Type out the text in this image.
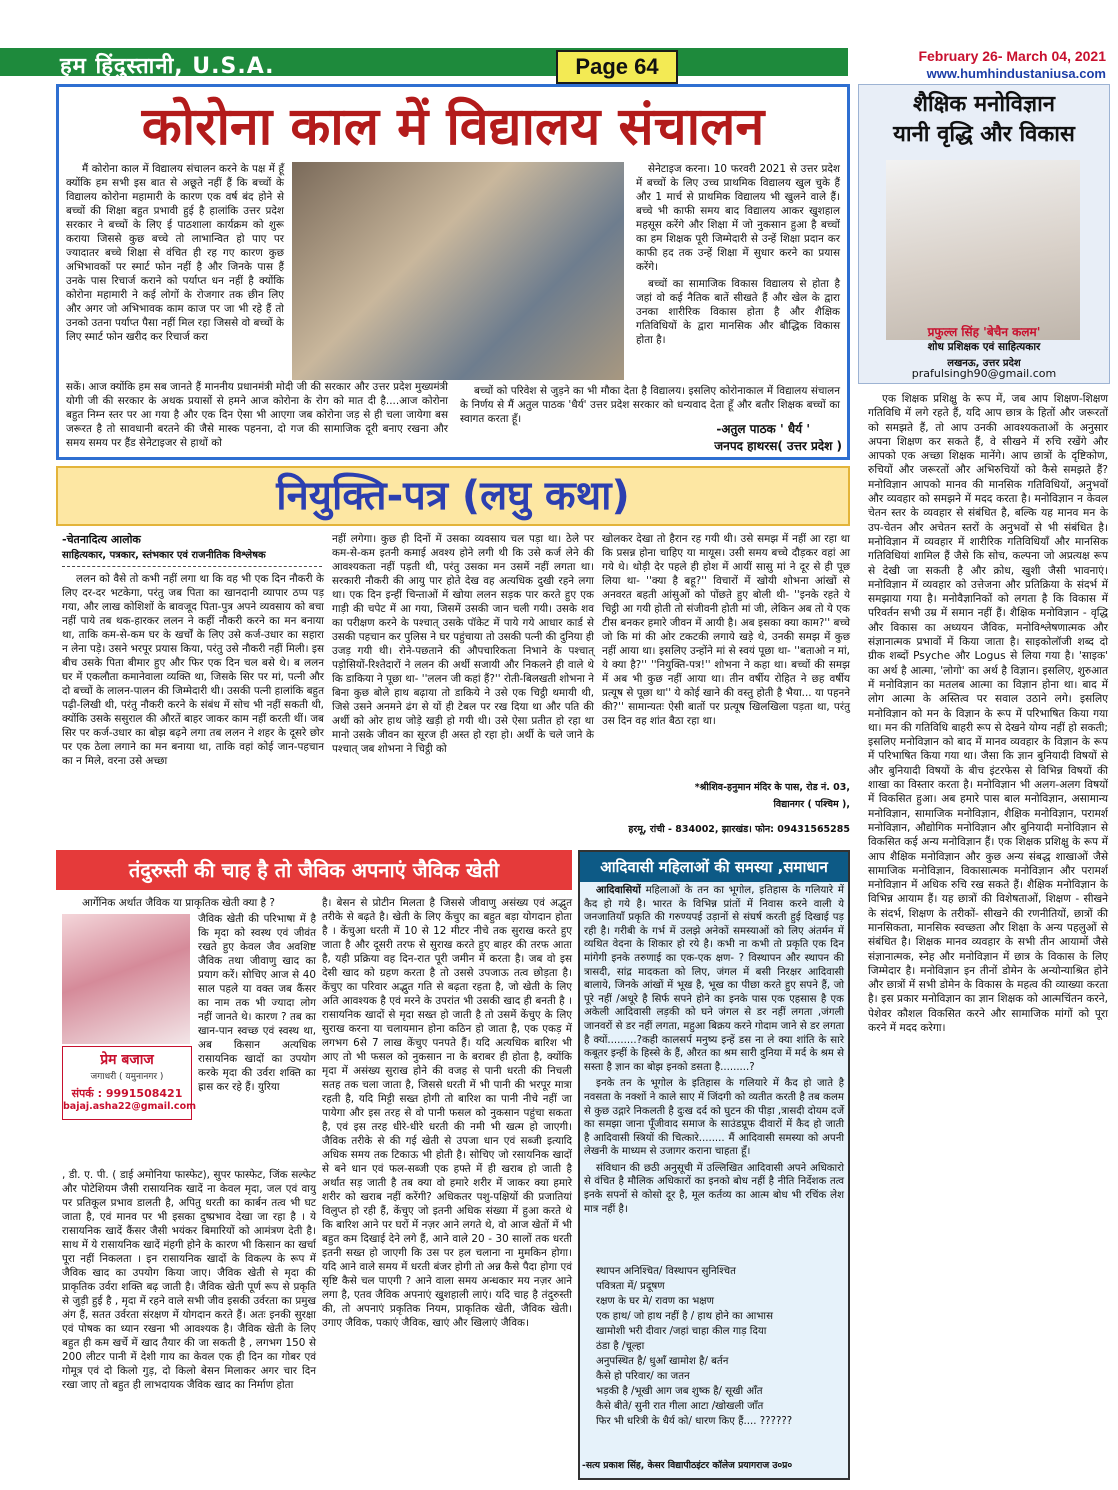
हम हिंदुस्तानी, U.S.A.	Page 64	February 26- March 04, 2021
www.humhindustaniusa.com
कोरोना काल में विद्यालय संचालन
मैं कोरोना काल में विद्यालय संचालन करने के पक्ष में हूँ क्योंकि हम सभी इस बात से अछूते नहीं हैं कि बच्चों के विद्यालय कोरोना महामारी के कारण एक वर्ष बंद होने से बच्चों की शिक्षा बहुत प्रभावी हुई है हालांकि उत्तर प्रदेश सरकार ने बच्चों के लिए ई पाठशाला कार्यक्रम को शुरू कराया जिससे कुछ बच्चे तो लाभान्वित हो पाए पर ज्यादातर बच्चे शिक्षा से वंचित ही रह गए कारण कुछ अभिभावकों पर स्मार्ट फोन नहीं है और जिनके पास हैं उनके पास रिचार्ज कराने को पर्याप्त धन नहीं है क्योंकि कोरोना महामारी ने कई लोगों के रोजगार तक छीन लिए और अगर जो अभिभावक काम काज पर जा भी रहे हैं तो उनको उतना पर्याप्त पैसा नहीं मिल रहा जिससे वो बच्चों के लिए स्मार्ट फोन खरीद कर रिचार्ज करा

सेनेटाइज करना। 10 फरवरी 2021 से उत्तर प्रदेश में बच्चों के लिए उच्च प्राथमिक विद्यालय खुल चुके हैं और 1 मार्च से प्राथमिक विद्यालय भी खुलने वाले हैं। बच्चे भी काफी समय बाद विद्यालय आकर खुशहाल महसूस करेंगे और शिक्षा में जो नुकसान हुआ है बच्चों का हम शिक्षक पूरी जिम्मेदारी से उन्हें शिक्षा प्रदान कर काफी हद तक उन्हें शिक्षा में सुधार करने का प्रयास करेंगे।

बच्चों का सामाजिक विकास विद्यालय से होता है जहां वो कई नैतिक बातें सीखते हैं और खेल के द्वारा उनका शारीरिक विकास होता है और शैक्षिक गतिविधियों के द्वारा मानसिक और बौद्धिक विकास होता है।

सकें। आज क्योंकि हम सब जानते हैं माननीय प्रधानमंत्री मोदी जी की सरकार और उत्तर प्रदेश मुख्यमंत्री योगी जी की सरकार के अथक प्रयासों से हमने आज कोरोना के रोग को मात दी है....आज कोरोना बहुत निम्न स्तर पर आ गया है और एक दिन ऐसा भी आएगा जब कोरोना जड़ से ही चला जायेगा बस जरूरत है तो सावधानी बरतने की जैसे मास्क पहनना, दो गज की सामाजिक दूरी बनाए रखना और समय समय पर हैंड सेनेटाइजर से हाथों को
बच्चों को परिवेश से जुड़ने का भी मौका देता है विद्यालय। इसलिए कोरोनाकाल में विद्यालय संचालन के निर्णय से मैं अतुल पाठक 'धैर्य' उत्तर प्रदेश सरकार को धन्यवाद देता हूँ और बतौर शिक्षक बच्चों का स्वागत करता हूँ।
-अतुल पाठक ' धैर्य '
जनपद हाथरस( उत्तर प्रदेश )
नियुक्ति-पत्र (लघु कथा)
-चेतनादित्य आलोक
साहित्यकार, पत्रकार, स्तंभकार एवं राजनीतिक विश्लेषक
ललन को वैसे तो कभी नहीं लगा था कि वह भी एक दिन नौकरी के लिए दर-दर भटकेगा, परंतु जब पिता का खानदानी व्यापार ठप्प पड़ गया, और लाख कोशिशों के बावजूद पिता-पुत्र अपने व्यवसाय को बचा नहीं पाये तब थक-हारकर ललन ने कहीं नौकरी करने का मन बनाया था, ताकि कम-से-कम घर के खर्चों के लिए उसे कर्ज-उधार का सहारा न लेना पड़े। उसने भरपूर प्रयास किया, परंतु उसे नौकरी नहीं मिली। इस बीच उसके पिता बीमार हुए और फिर एक दिन चल बसे थे। ब ललन घर में एकलौता कमानेवाला व्यक्ति था, जिसके सिर पर मां, पत्नी और दो बच्चों के लालन-पालन की जिम्मेदारी थी। उसकी पत्नी हालांकि बहुत पढ़ी-लिखी थी, परंतु नौकरी करने के संबंध में सोच भी नहीं सकती थी, क्योंकि उसके ससुराल की औरतें बाहर जाकर काम नहीं करती थीं। जब सिर पर कर्ज-उधार का बोझ बढ़ने लगा तब ललन ने शहर के दूसरे छोर पर एक ठेला लगाने का मन बनाया था, ताकि वहां कोई जान-पहचान का न मिले, वरना उसे अच्छा
नहीं लगेगा। कुछ ही दिनों में उसका व्यवसाय चल पड़ा था। ठेले पर कम-से-कम इतनी कमाई अवश्य होने लगी थी कि उसे कर्ज लेने की आवश्यकता नहीं पड़ती थी, परंतु उसका मन उसमें नहीं लगता था। सरकारी नौकरी की आयु पार होते देख वह अत्यधिक दुखी रहने लगा था। एक दिन इन्हीं चिन्ताओं में खोया ललन सड़क पार करते हुए एक गाड़ी की चपेट में आ गया, जिसमें उसकी जान चली गयी। उसके शव का परीक्षण करने के पश्चात् उसके पॉकेट में पाये गये आधार कार्ड से उसकी पहचान कर पुलिस ने घर पहुंचाया तो उसकी पत्नी की दुनिया ही उजड़ गयी थी। रोने-पछताने की औपचारिकता निभाने के पश्चात् पड़ोसियों-रिश्तेदारों ने ललन की अर्थी सजायी और निकलने ही वाले थे कि डाकिया ने पूछा था- ''ललन जी कहां हैं?'' रोती-बिलखती शोभना ने बिना कुछ बोले हाथ बढ़ाया तो डाकिये ने उसे एक चिट्ठी थमायी थी, जिसे उसने अनमने ढंग से यों ही टेबल पर रख दिया था और पति की अर्थी को ओर हाथ जोड़े खड़ी हो गयी थी। उसे ऐसा प्रतीत हो रहा था मानो उसके जीवन का सूरज ही अस्त हो रहा हो। अर्थी के चले जाने के पश्चात् जब शोभना ने चिट्ठी को
खोलकर देखा तो हैरान रह गयी थी। उसे समझ में नहीं आ रहा था कि प्रसन्न होना चाहिए या मायूस। उसी समय बच्चे दौड़कर वहां आ गये थे। थोड़ी देर पहले ही होश में आयीं सासु मां ने दूर से ही पूछ लिया था- ''क्या है बहू?'' विचारों में खोयी शोभना आंखों से अनवरत बहती आंसुओं को पोंछते हुए बोली थी- ''इनके रहते ये चिट्ठी आ गयी होती तो संजीवनी होती मां जी, लेकिन अब तो ये एक टीस बनकर हमारे जीवन में आयी है। अब इसका क्या काम?'' बच्चे जो कि मां की ओर टकटकी लगाये खड़े थे, उनकी समझ में कुछ नहीं आया था। इसलिए उन्होंने मां से स्वयं पूछा था- ''बताओ न मां, ये क्या है?'' ''नियुक्ति-पत्र!'' शोभना ने कहा था। बच्चों की समझ में अब भी कुछ नहीं आया था। तीन वर्षीय रोहित ने छह वर्षीय प्रत्यूष से पूछा था'' ये कोई खाने की वस्तु होती है भैया... या पहनने की?'' सामान्यतः ऐसी बातों पर प्रत्यूष खिलखिला पड़ता था, परंतु उस दिन वह शांत बैठा रहा था।
*श्रीशिव-हनुमान मंदिर के पास, रोड नं. 03,
विद्यानगर ( पश्चिम ),
हरमू, रांची - 834002, झारखंड। फोन: 09431565285
तंदुरुस्ती की चाह है तो जैविक अपनाएं जैविक खेती
आर्गेनिक अर्थात जैविक या प्राकृतिक खेती क्या है ?
प्रेम बजाज
जगाधरी ( यमुनानगर )
संपर्क : 9991508421
bajaj.asha22@gmail.com
जैविक खेती की परिभाषा में है कि मृदा को स्वस्थ एवं जीवंत रखते हुए केवल जैव अवशिष्ट जैविक तथा जीवाणु खाद का प्रयाग करें। सोचिए आज से 40 साल पहले या वक्त जब कैंसर का नाम तक भी ज्यादा लोग नहीं जानते थे। कारण ? तब का खान-पान स्वच्छ एवं स्वस्थ था, अब किसान अत्यधिक रासायनिक खादों का उपयोग करके मृदा की उर्वरा शक्ति का ह्रास कर रहे हैं। युरिया
, डी. ए. पी. ( डाई अमोनिया फास्फेट), सुपर फास्फेट, जिंक सल्फेट और पोटेशियम जैसी रासायनिक खादें ना केवल मृदा, जल एवं वायु पर प्रतिकूल प्रभाव डालती है, अपितु धरती का कार्बन तत्व भी घट जाता है, एवं मानव पर भी इसका दुष्प्रभाव देखा जा रहा है । ये रासायनिक खादें कैंसर जैसी भयंकर बिमारियों को आमंत्रण देती है। साथ में ये रासायनिक खादें मंहगी होने के कारण भी किसान का खर्चा पूरा नहीं निकलता । इन रासायनिक खादों के विकल्प के रूप में जैविक खाद का उपयोग किया जाए। जैविक खेती से मृदा की प्राकृतिक उर्वरा शक्ति बढ़ जाती है। जैविक खेती पूर्ण रूप से प्रकृति से जुड़ी हुई है , मृदा में रहने वाले सभी जीव इसकी उर्वरता का प्रमुख अंग हैं, सतत उर्वरता संरक्षण में योगदान करते हैं। अतः इनकी सुरक्षा एवं पोषक का ध्यान रखना भी आवश्यक है। जैविक खेती के लिए बहुत ही कम खर्चे में खाद तैयार की जा सकती है , लगभग 150 से 200 लीटर पानी में देशी गाय का केवल एक ही दिन का गोबर एवं गोमूत्र एवं दो किलो गुड़, दो किलो बेसन मिलाकर अगर चार दिन रखा जाए तो बहुत ही लाभदायक जैविक खाद का निर्माण होता
है। बेसन से प्रोटीन मिलता है जिससे जीवाणु असंख्य एवं अद्भुत तरीके से बढ़ते है। खेती के लिए केंचुए का बहुत बड़ा योगदान होता है । केंचुआ धरती में 10 से 12 मीटर नीचे तक सुराख करते हुए जाता है और दूसरी तरफ से सुराख करते हुए बाहर की तरफ आता है, यही प्रक्रिया वह दिन-रात पूरी जमीन में करता है। जब वो इस देसी खाद को ग्रहण करता है तो उससे उपजाऊ तत्व छोड़ता है। केंचुए का परिवार अद्भुत गति से बढ़ता रहता है, जो खेती के लिए अति आवश्यक है एवं मरने के उपरांत भी उसकी खाद ही बनती है । रासायनिक खादों से मृदा सख्त हो जाती है तो उसमें केंचुए के लिए सुराख करना या चलायमान होना कठिन हो जाता है, एक एकड़ में लगभग 6से 7 लाख केंचुए पनपते हैं। यदि अत्यधिक बारिश भी आए तो भी फसल को नुकसान ना के बराबर ही होता है, क्योंकि मृदा में असंख्य सुराख होने की वजह से पानी धरती की निचली सतह तक चला जाता है, जिससे धरती में भी पानी की भरपूर मात्रा रहती है, यदि मिट्टी सख्त होगी तो बारिश का पानी नीचे नहीं जा पायेगा और इस तरह से वो पानी फसल को नुकसान पहुंचा सकता है, एवं इस तरह धीरे-धीरे धरती की नमी भी खत्म हो जाएगी। जैविक तरीके से की गई खेती से उपजा धान एवं सब्जी इत्यादि अधिक समय तक टिकाऊ भी होती है। सोचिए जो रसायनिक खादों से बने धान एवं फल-सब्जी एक हफ्ते में ही खराब हो जाती है अर्थात सड़ जाती है तब क्या वो हमारे शरीर में जाकर क्या हमारे शरीर को खराब नहीं करेंगी? अधिकतर पशु-पक्षियों की प्रजातियां विलुप्त हो रही हैं, केंचुए जो इतनी अधिक संख्या में हुआ करते थे कि बारिश आने पर घरों में नज़र आने लगते थे, वो आज खेतों में भी बहुत कम दिखाई देने लगे हैं, आने वाले 20 - 30 सालों तक धरती इतनी सख्त हो जाएगी कि उस पर हल चलाना ना मुमकिन होगा। यदि आने वाले समय में धरती बंजर होगी तो अन्न कैसे पैदा होगा एवं सृष्टि कैसे चल पाएगी ? आने वाला समय अन्धकार मय नज़र आने लगा है, एतव जैविक अपनाएं खुशहाली लाएं। यदि चाह है तंदुरुस्ती की, तो अपनाएं प्रकृतिक नियम, प्राकृतिक खेती, जैविक खेती। उगाए जैविक, पकाएं जैविक, खाएं और खिलाएं जैविक।
आदिवासी महिलाओं की समस्या ,समाधान

आदिवासियों महिलाओं के तन का भूगोल, इतिहास के गलियारे में कैद हो गये है। भारत के विभिन्न प्रांतों में निवास करने वाली ये जनजातियाँ प्रकृति की गरुण्यपई उड़ानों से संघर्ष करती हुई दिखाई पड़ रही है। गरीबी के गर्भ में उलझे अनेकों समस्याओं को लिए अंतर्मन में व्यथित वेदना के शिकार हो रये है। कभी ना कभी तो प्रकृति एक दिन मांगेगी इनके तरुणाई का एक-एक क्षण- ? विस्थापन और स्थापन की त्रासदी, सांद्र मादकता को लिए, जंगल में बसी निरक्षर आदिवासी बालाये, जिनके आंखों में भूख है, भूख का पीछा करते हुए सपने हैं, जो पूरे नहीं /अधूरे है सिर्फ सपने होने का इनके पास एक एहसास है एक अकेली आदिवासी लड़की को घने जंगल से डर नहीं लगता ,जंगली जानवरों से डर नहीं लगता, महुआ बिक्रय करने गोदाम जाने से डर लगता है क्यों.........?कही कालसर्प मनुष्य इन्हें डस ना ले क्या शांति के सारे कबूतर इन्हीं के हिस्से के हैं, औरत का श्रम सारी दुनिया में मर्द के श्रम से सस्ता है ज्ञान का बोझ इनको डसता है.........?

इनके तन के भूगोल के इतिहास के गलियारे में कैद हो जाते है नवसता के नक्शों ने काले साए में जिंदगी को व्यतीत करती है तब कलम से कुछ उद्गारे निकलती है दुःख दर्द को घुटन की पीड़ा ,त्रासदी दोयम दर्जे का समझा जाना पूँजीवाद समाज के साउंडप्रूफ दीवारों में कैद हो जाती है आदिवासी स्त्रियों की चित्कारे........ मैं आदिवासी समस्या को अपनी लेखनी के माध्यम से उजागर कराना चाहता हूँ।

संविधान की छठी अनुसूची में उल्लिखित आदिवासी अपने अधिकारो से वंचित है मौलिक अधिकारों का इनको बोध नहीं है नीति निर्देशक तत्व इनके सपनों से कोसो दूर है, मूल कर्तव्य का आत्म बोध भी रचिंक लेश मात्र नहीं है।

स्थापन अनिश्चित/ विस्थापन सुनिश्चित
पवित्रता में/ प्रदूषण
रक्षण के घर मे/ रावण का भक्षण
एक हाथ/ जो हाथ नहीं है / हाथ होने का आभास
खामोशी भरी दीवार /जहां चाहा कील गाड़ दिया
ठंडा है /चूल्हा
अनुपस्थित है/ धुआँ खामोश है/ बर्तन
कैसे हो परिवार/ का जतन
भड़की है /भूखी आग जब शुष्क है/ सूखी आँत
कैसे बीते/ सुनी रात गीला आटा /खोखली जाँत
फिर भी धरित्री के धैर्य को/ धारण किए हैं.... ??????
-सत्य प्रकाश सिंह, केसर विद्यापीठइंटर कॉलेज प्रयागराज उ०प्र०
शैक्षिक मनोविज्ञान
यानी वृद्धि और विकास
प्रफुल्ल सिंह 'बेचैन कलम'
शोध प्रशिक्षक एवं साहित्यकार
लखनऊ, उत्तर प्रदेश
prafulsingh90@gmail.com
एक शिक्षक प्रशिक्षु के रूप में, जब आप शिक्षण-शिक्षण गतिविधि में लगे रहते हैं, यदि आप छात्र के हितों और जरूरतों को समझते हैं, तो आप उनकी आवश्यकताओं के अनुसार अपना शिक्षण कर सकते हैं, वे सीखने में रुचि रखेंगे और आपको एक अच्छा शिक्षक मानेंगे। आप छात्रों के दृष्टिकोण, रुचियों और जरूरतों और अभिरुचियों को कैसे समझते हैं? मनोविज्ञान आपको मानव की मानसिक गतिविधियों, अनुभवों और व्यवहार को समझने में मदद करता है। मनोविज्ञान न केवल चेतन स्तर के व्यवहार से संबंधित है, बल्कि यह मानव मन के उप-चेतन और अचेतन स्तरों के अनुभवों से भी संबंधित है। मनोविज्ञान में व्यवहार में शारीरिक गतिविधियाँ और मानसिक गतिविधियां शामिल हैं जैसे कि सोच, कल्पना जो अप्रत्यक्ष रूप से देखी जा सकती है और क्रोध, खुशी जैसी भावनाएं। मनोविज्ञान में व्यवहार को उत्तेजना और प्रतिक्रिया के संदर्भ में समझाया गया है। मनोवैज्ञानिकों को लगता है कि विकास में परिवर्तन सभी उम्र में समान नहीं हैं। शैक्षिक मनोविज्ञान - वृद्धि और विकास का अध्ययन जैविक, मनोविश्लेषणात्मक और संज्ञानात्मक प्रभावों में किया जाता है। साइकोलॉजी शब्द दो ग्रीक शब्दों Psyche और Logus से लिया गया है। 'साइक' का अर्थ है आत्मा, 'लोगो' का अर्थ है विज्ञान। इसलिए, शुरुआत में मनोविज्ञान का मतलब आत्मा का विज्ञान होना था। बाद में लोग आत्मा के अस्तित्व पर सवाल उठाने लगे। इसलिए मनोविज्ञान को मन के विज्ञान के रूप में परिभाषित किया गया था। मन की गतिविधि बाहरी रूप से देखने योग्य नहीं हो सकती; इसलिए मनोविज्ञान को बाद में मानव व्यवहार के विज्ञान के रूप में परिभाषित किया गया था। जैसा कि ज्ञान बुनियादी विषयों से और बुनियादी विषयों के बीच इंटरफेस से विभिन्न विषयों की शाखा का विस्तार करता है। मनोविज्ञान भी अलग-अलग विषयों में विकसित हुआ। अब हमारे पास बाल मनोविज्ञान, असामान्य मनोविज्ञान, सामाजिक मनोविज्ञान, शैक्षिक मनोविज्ञान, परामर्श मनोविज्ञान, औद्योगिक मनोविज्ञान और बुनियादी मनोविज्ञान से विकसित कई अन्य मनोविज्ञान हैं। एक शिक्षक प्रशिक्षु के रूप में आप शैक्षिक मनोविज्ञान और कुछ अन्य संबद्ध शाखाओं जैसे सामाजिक मनोविज्ञान, विकासात्मक मनोविज्ञान और परामर्श मनोविज्ञान में अधिक रुचि रख सकते हैं। शैक्षिक मनोविज्ञान के विभिन्न आयाम हैं। यह छात्रों की विशेषताओं, शिक्षण - सीखने के संदर्भ, शिक्षण के तरीकों- सीखने की रणनीतियों, छात्रों की मानसिकता, मानसिक स्वच्छता और शिक्षा के अन्य पहलुओं से संबंधित है। शिक्षक मानव व्यवहार के सभी तीन आयामों जैसे संज्ञानात्मक, स्नेह और मनोविज्ञान में छात्र के विकास के लिए जिम्मेदार है। मनोविज्ञान इन तीनों डोमेन के अन्योन्याश्रित होने और छात्रों में सभी डोमेन के विकास के महत्व की व्याख्या करता है। इस प्रकार मनोविज्ञान का ज्ञान शिक्षक को आत्मचिंतन करने, पेशेवर कौशल विकसित करने और सामाजिक मांगों को पूरा करने में मदद करेगा।
